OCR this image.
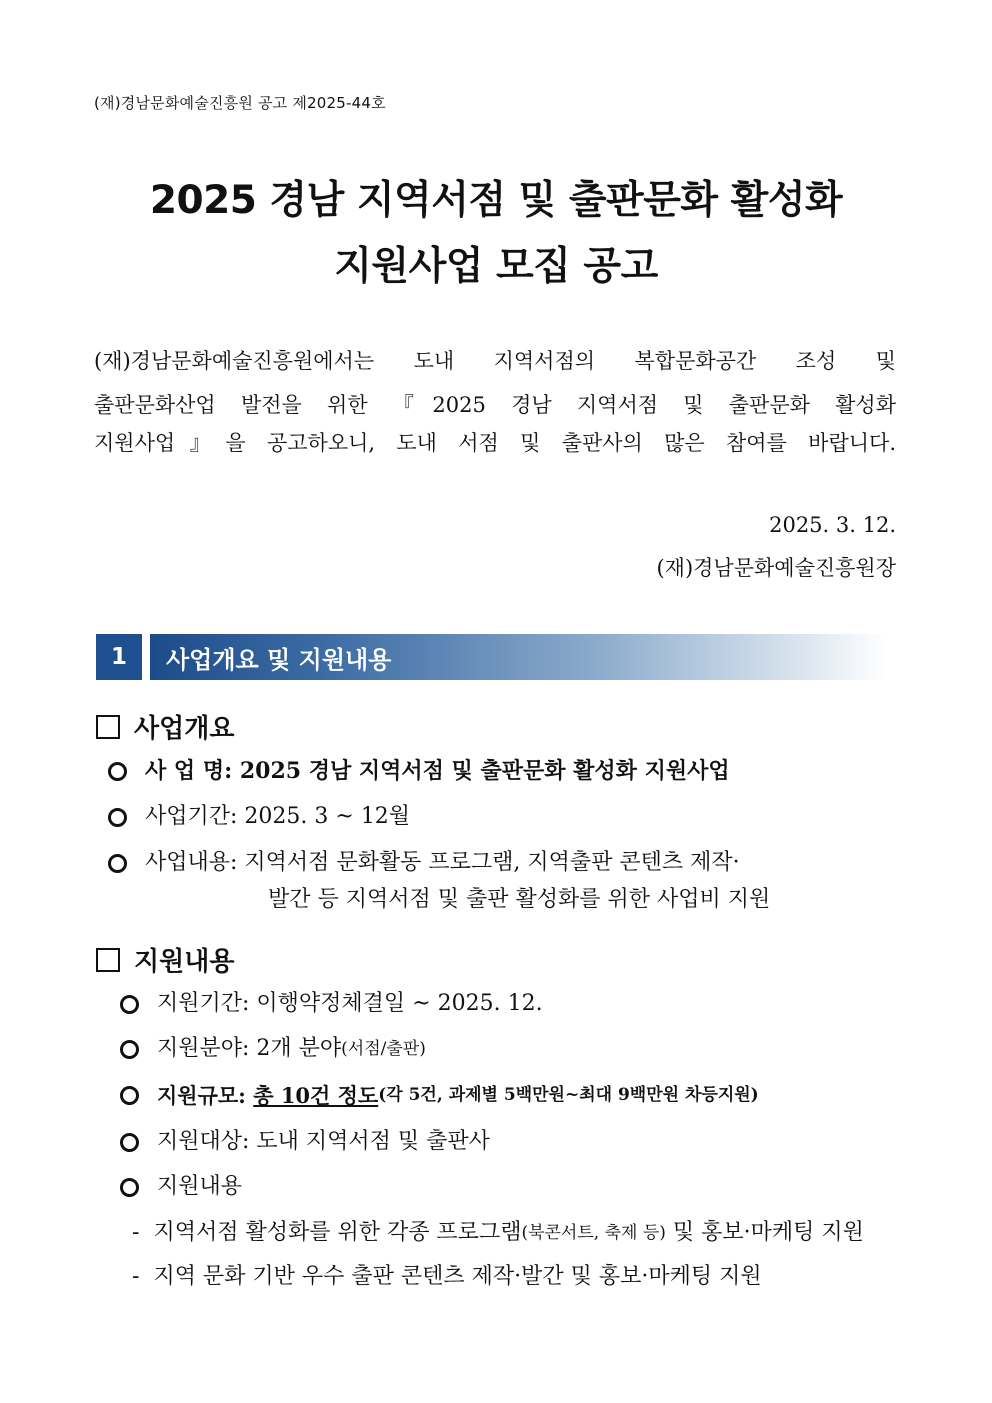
(재)경남문화예술진흥원 공고 제2025-44호
2025 경남 지역서점 및 출판문화 활성화
지원사업 모집 공고
(재)경남문화예술진흥원에서는 도내 지역서점의 복합문화공간 조성 및
출판문화산업 발전을 위한 『2025 경남 지역서점 및 출판문화 활성화
지원사업』을 공고하오니, 도내 서점 및 출판사의 많은 참여를 바랍니다.
2025. 3. 12.
(재)경남문화예술진흥원장
1	사업개요 및 지원내용
사업개요
사 업 명:
2025 경남 지역서점 및 출판문화 활성화 지원사업
사업기간:
2025. 3 ~ 12월
사업내용:
지역서점 문화활동 프로그램, 지역출판 콘텐츠 제작·
발간 등 지역서점 및 출판 활성화를 위한 사업비 지원
지원내용
지원기간:
이행약정체결일 ~ 2025. 12.
지원분야:
2개 분야 (서점/출판)
지원규모:
총 10건 정도 (각 5건, 과제별 5백만원~최대 9백만원 차등지원)
지원대상:
도내 지역서점 및 출판사
지원내용
- 지역서점 활성화를 위한 각종 프로그램 (북콘서트, 축제 등)
및 홍보·마케팅 지원
- 지역 문화 기반 우수 출판 콘텐츠 제작·발간 및 홍보·마케팅 지원
